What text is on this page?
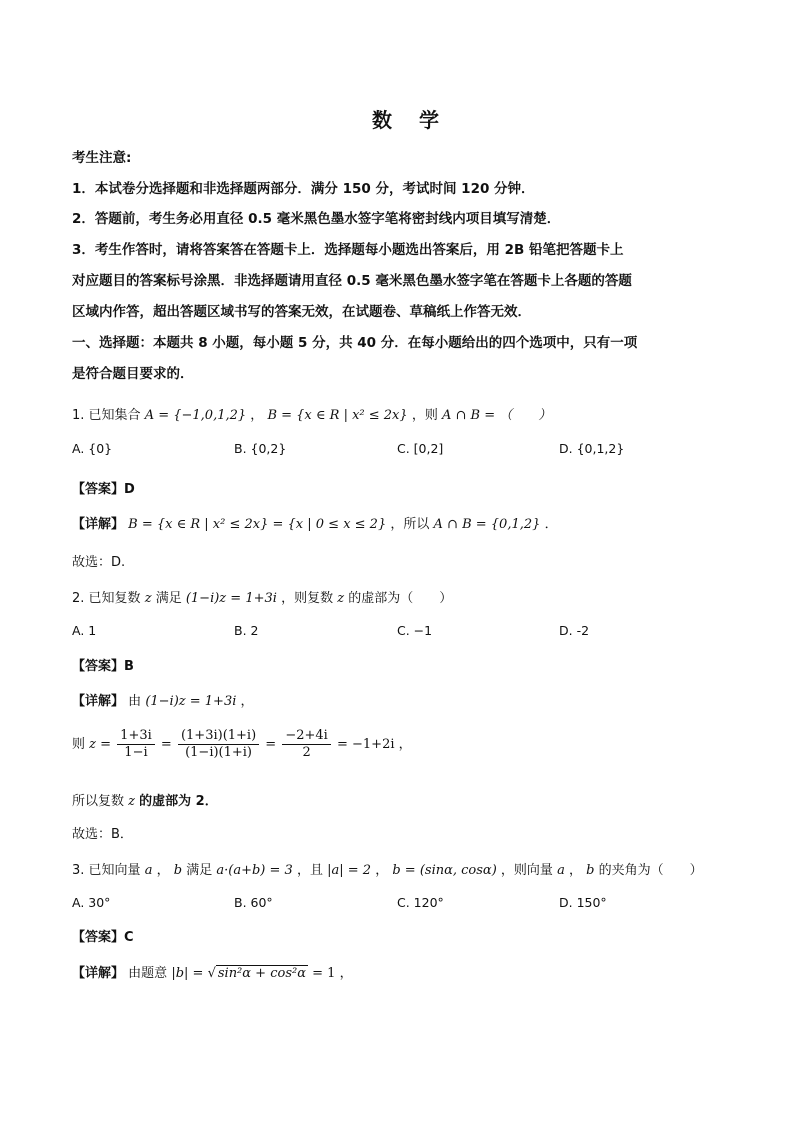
数 学
考生注意:
1．本试卷分选择题和非选择题两部分．满分 150 分，考试时间 120 分钟．
2．答题前，考生务必用直径 0.5 毫米黑色墨水签字笔将密封线内项目填写清楚．
3．考生作答时，请将答案答在答题卡上．选择题每小题选出答案后，用 2B 铅笔把答题卡上
对应题目的答案标号涂黑．非选择题请用直径 0.5 毫米黑色墨水签字笔在答题卡上各题的答题
区域内作答，超出答题区域书写的答案无效，在试题卷、草稿纸上作答无效．
一、选择题：本题共 8 小题，每小题 5 分，共 40 分．在每小题给出的四个选项中，只有一项
是符合题目要求的．
1. 已知集合 A = {−1,0,1,2} ， B = {x ∈ R | x² ≤ 2x} ，则 A ∩ B = （　　）
A. {0}	B. {0,2}	C. [0,2]	D. {0,1,2}
【答案】D
【详解】 B = {x ∈ R | x² ≤ 2x} = {x | 0 ≤ x ≤ 2} ，所以 A ∩ B = {0,1,2} ．
故选：D.
2. 已知复数 z 满足 (1−i)z = 1+3i ，则复数 z 的虚部为（　　）
A. 1	B. 2	C. −1	D. -2
【答案】B
【详解】 由 (1−i)z = 1+3i ，
则 $z = \frac{1+3i}{1-i} = \frac{(1+3i)(1+i)}{(1-i)(1+i)} = \frac{-2+4i}{2} = -1+2i$ ，
所以复数 z 的虚部为 2．
故选：B．
3. 已知向量 a ， b 满足 a·(a+b) = 3 ，且 |a| = 2 ， b = (sinα, cosα) ，则向量 a ， b 的夹角为（　　）
A. 30°	B. 60°	C. 120°	D. 150°
【答案】C
【详解】 由题意 |b| = √ sin²α + cos²α = 1 ，
